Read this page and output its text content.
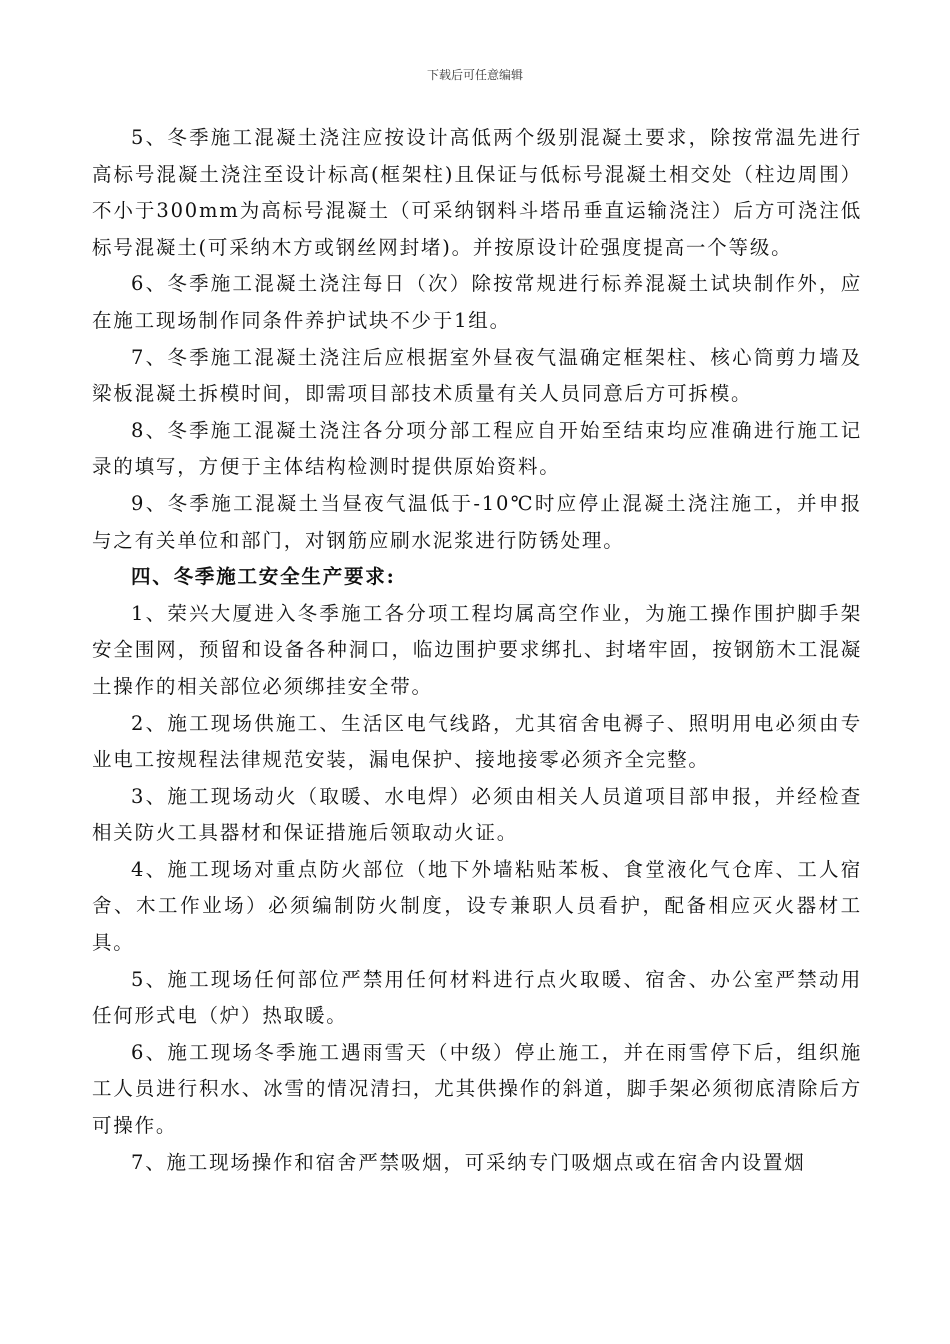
下载后可任意编辑

5、冬季施工混凝土浇注应按设计高低两个级别混凝土要求，除按常温先进行高标号混凝土浇注至设计标高(框架柱)且保证与低标号混凝土相交处（柱边周围）不小于300mm为高标号混凝土（可采纳钢料斗塔吊垂直运输浇注）后方可浇注低标号混凝土(可采纳木方或钢丝网封堵)。并按原设计砼强度提高一个等级。

6、冬季施工混凝土浇注每日（次）除按常规进行标养混凝土试块制作外，应在施工现场制作同条件养护试块不少于1组。

7、冬季施工混凝土浇注后应根据室外昼夜气温确定框架柱、核心筒剪力墙及梁板混凝土拆模时间，即需项目部技术质量有关人员同意后方可拆模。

8、冬季施工混凝土浇注各分项分部工程应自开始至结束均应准确进行施工记录的填写，方便于主体结构检测时提供原始资料。

9、冬季施工混凝土当昼夜气温低于-10℃时应停止混凝土浇注施工，并申报与之有关单位和部门，对钢筋应刷水泥浆进行防锈处理。

四、冬季施工安全生产要求:

1、荣兴大厦进入冬季施工各分项工程均属高空作业，为施工操作围护脚手架安全围网，预留和设备各种洞口，临边围护要求绑扎、封堵牢固，按钢筋木工混凝土操作的相关部位必须绑挂安全带。

2、施工现场供施工、生活区电气线路，尤其宿舍电褥子、照明用电必须由专业电工按规程法律规范安装，漏电保护、接地接零必须齐全完整。

3、施工现场动火（取暖、水电焊）必须由相关人员道项目部申报，并经检查相关防火工具器材和保证措施后领取动火证。

4、施工现场对重点防火部位（地下外墙粘贴苯板、食堂液化气仓库、工人宿舍、木工作业场）必须编制防火制度，设专兼职人员看护，配备相应灭火器材工具。

5、施工现场任何部位严禁用任何材料进行点火取暖、宿舍、办公室严禁动用任何形式电（炉）热取暖。

6、施工现场冬季施工遇雨雪天（中级）停止施工，并在雨雪停下后，组织施工人员进行积水、冰雪的情况清扫，尤其供操作的斜道，脚手架必须彻底清除后方可操作。

7、施工现场操作和宿舍严禁吸烟，可采纳专门吸烟点或在宿舍内设置烟
